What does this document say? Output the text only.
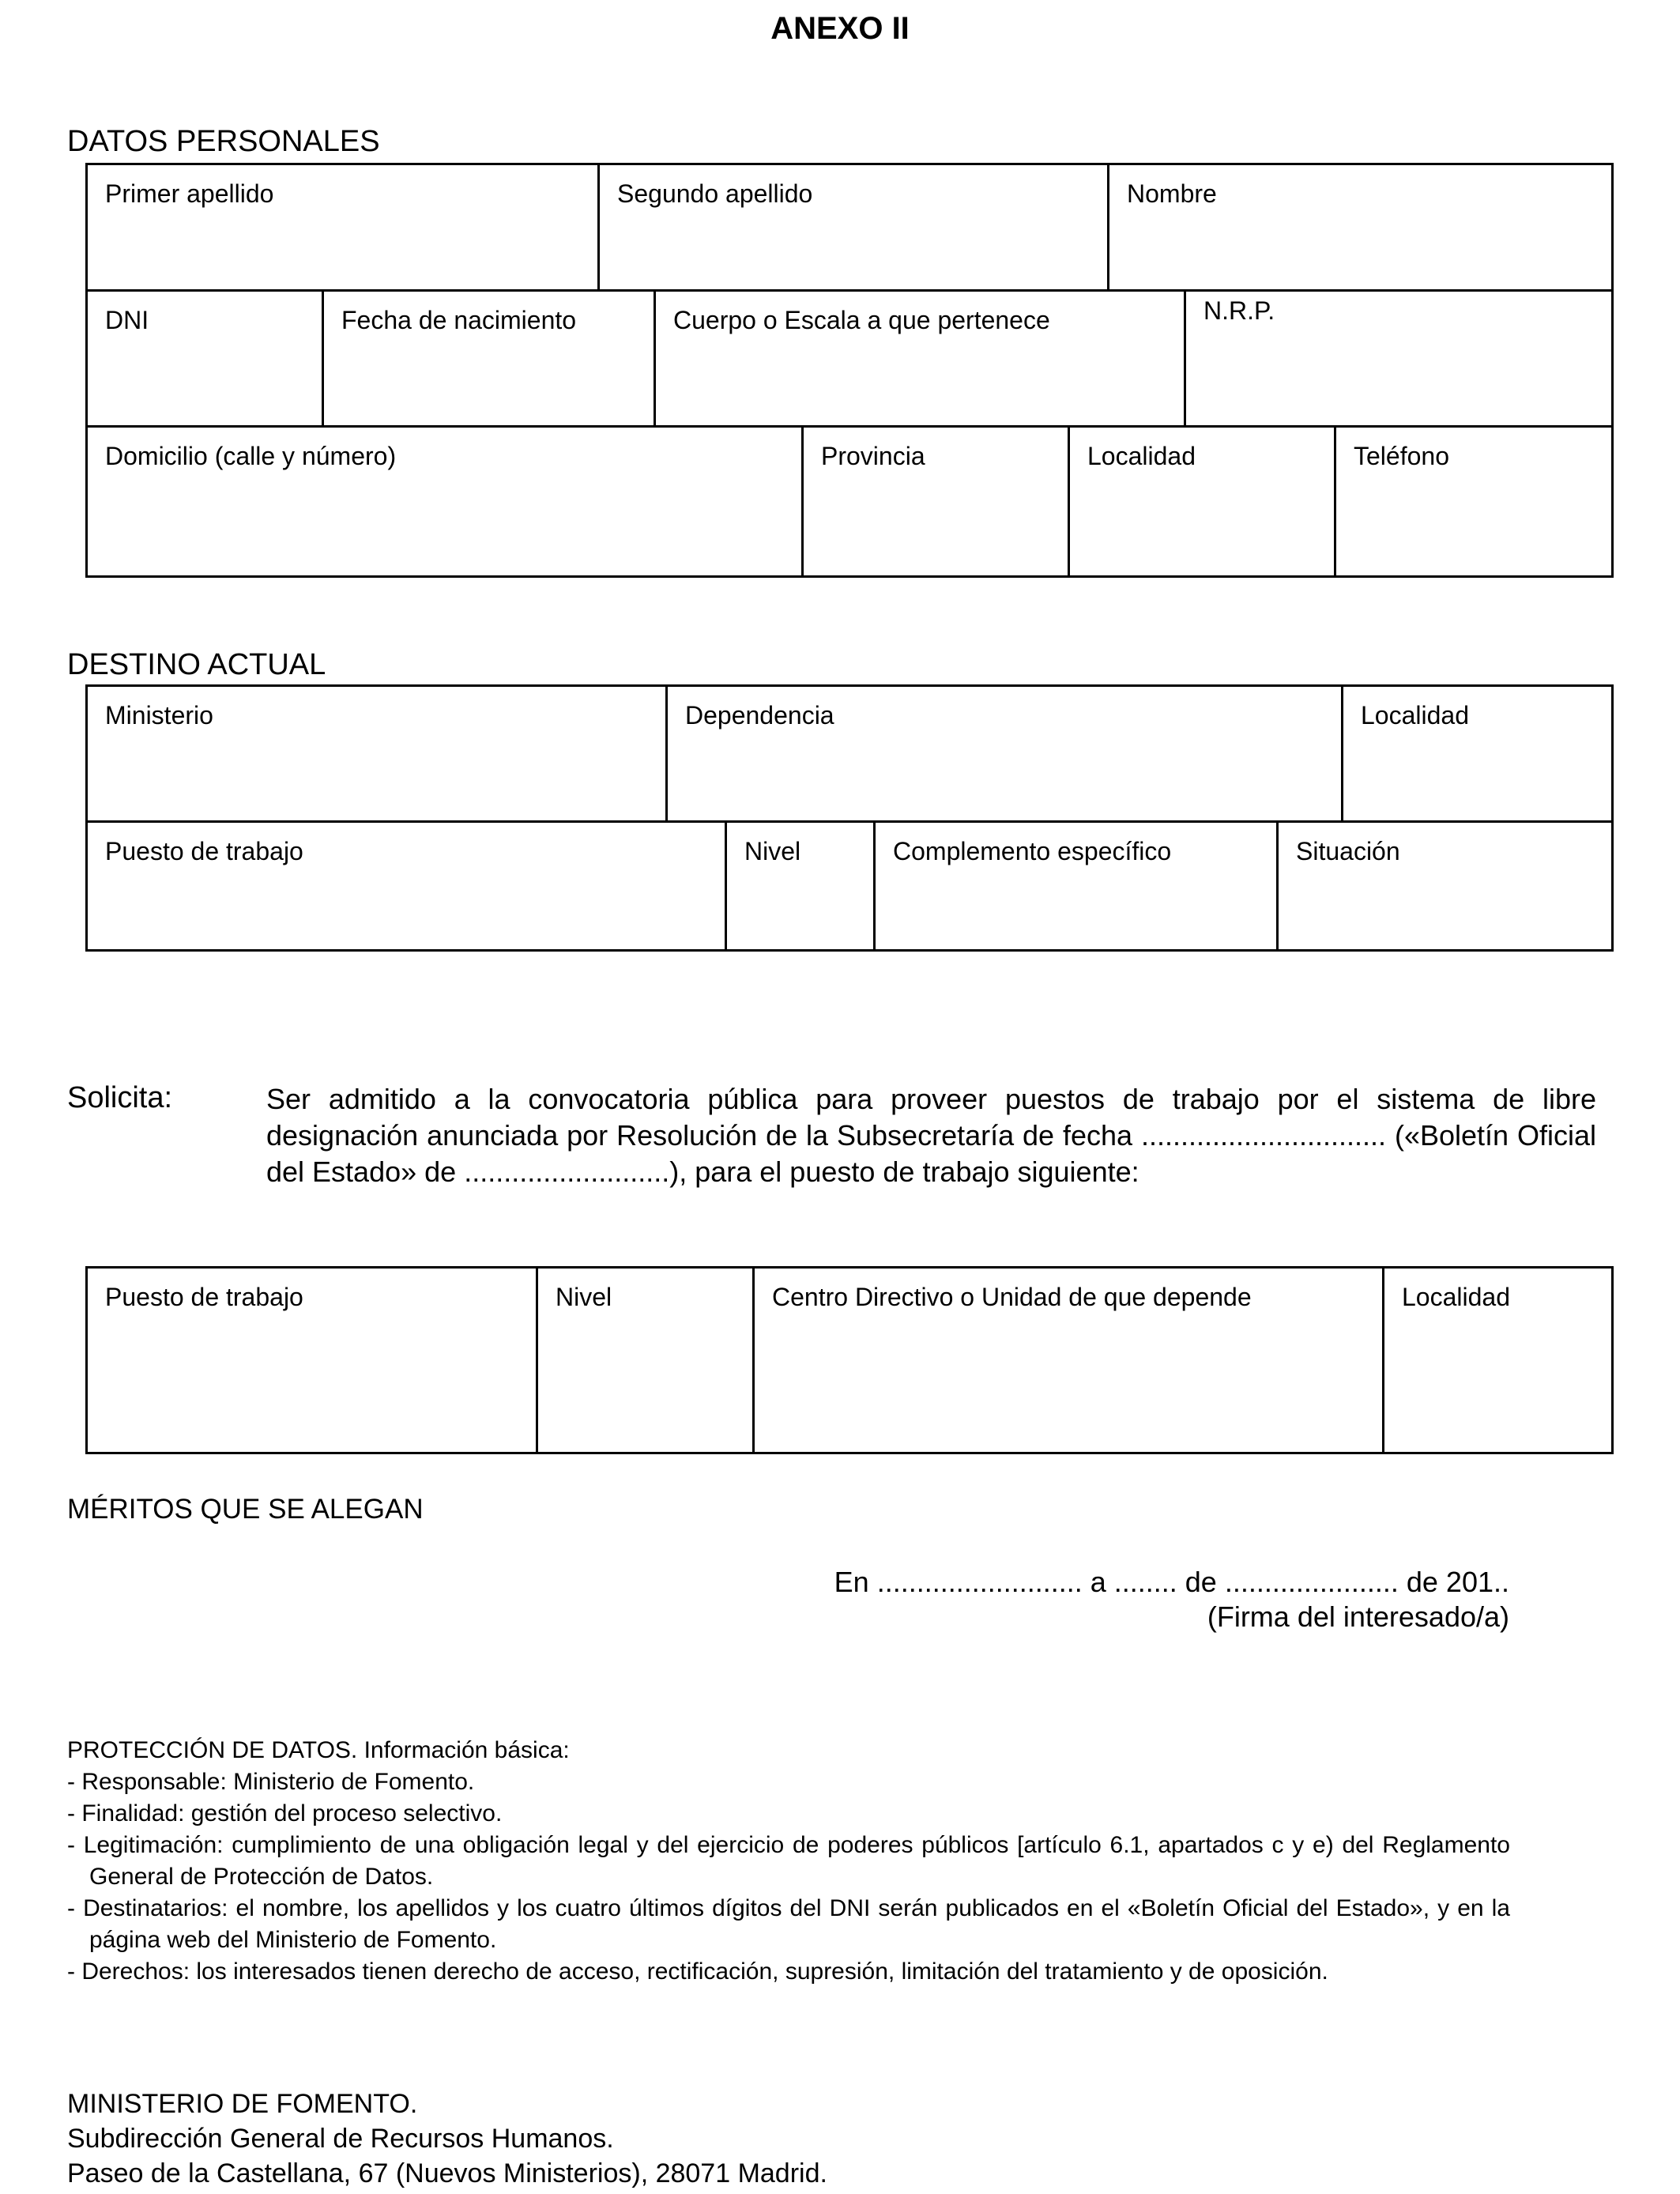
ANEXO II
DATOS PERSONALES
Primer apellido	Segundo apellido	Nombre
DNI	Fecha de nacimiento	Cuerpo o Escala a que pertenece	N.R.P.
Domicilio (calle y número)	Provincia	Localidad	Teléfono
DESTINO ACTUAL
Ministerio	Dependencia	Localidad
Puesto de trabajo	Nivel	Complemento específico	Situación
Solicita:	Ser admitido a la convocatoria pública para proveer puestos de trabajo por el sistema de libre designación anunciada por Resolución de la Subsecretaría de fecha ............................... («Boletín Oficial del Estado» de ..........................), para el puesto de trabajo siguiente:
Puesto de trabajo	Nivel	Centro Directivo o Unidad de que depende	Localidad
MÉRITOS QUE SE ALEGAN
En .......................... a ........ de ...................... de 201..
(Firma del interesado/a)
PROTECCIÓN DE DATOS. Información básica:
- Responsable: Ministerio de Fomento.
- Finalidad: gestión del proceso selectivo.
- Legitimación: cumplimiento de una obligación legal y del ejercicio de poderes públicos [artículo 6.1, apartados c y e) del Reglamento General de Protección de Datos.
- Destinatarios: el nombre, los apellidos y los cuatro últimos dígitos del DNI serán publicados en el «Boletín Oficial del Estado», y en la página web del Ministerio de Fomento.
- Derechos: los interesados tienen derecho de acceso, rectificación, supresión, limitación del tratamiento y de oposición.
MINISTERIO DE FOMENTO.
Subdirección General de Recursos Humanos.
Paseo de la Castellana, 67 (Nuevos Ministerios), 28071 Madrid.
